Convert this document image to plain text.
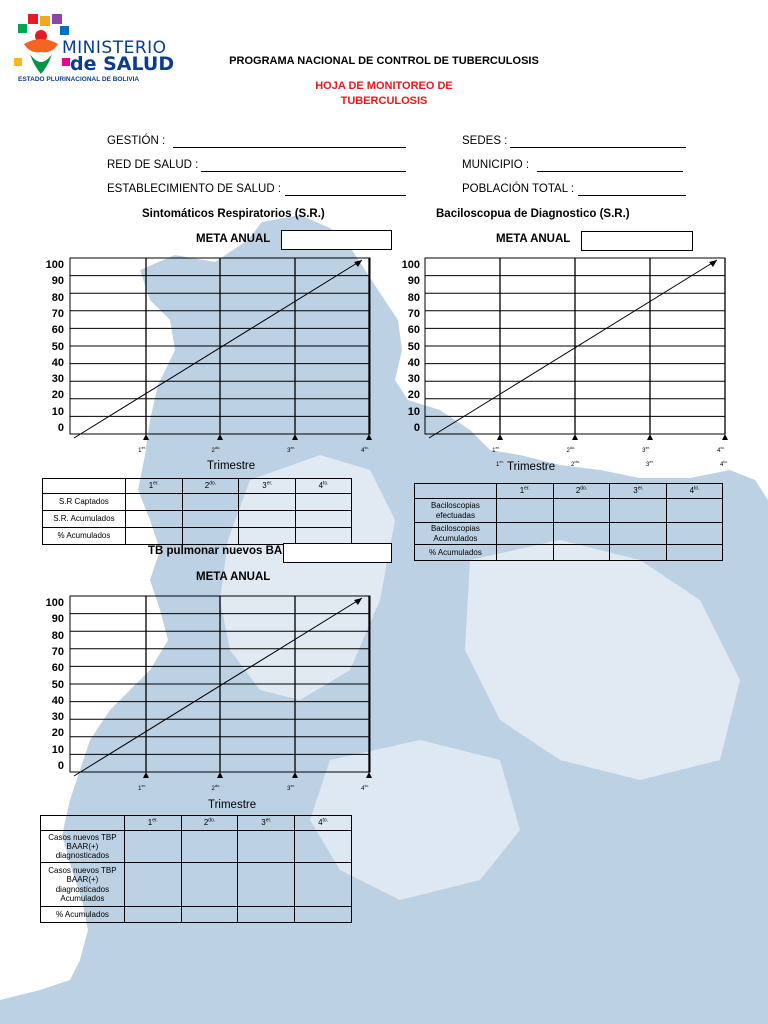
MINISTERIO
de SALUD
ESTADO PLURINACIONAL DE BOLIVIA
PROGRAMA NACIONAL DE CONTROL DE TUBERCULOSIS
HOJA DE MONITOREO DE
TUBERCULOSIS
GESTIÓN :
RED DE SALUD :
ESTABLECIMIENTO DE SALUD :
SEDES :
MUNICIPIO :
POBLACIÓN TOTAL :
Sintomáticos Respiratorios (S.R.)
META ANUAL
Baciloscopua de Diagnostico (S.R.)
META ANUAL
100
90
80
70
60
50
40
30
20
10
0
$1^{er.}$
$2^{do.}$
$3^{er.}$
$4^{to.}$
Trimestre
100
90
80
70
60
50
40
30
20
10
0
$1^{er.}$
$2^{do.}$
$3^{er.}$
$4^{to.}$
Trimestre
	$1^{er.}$	$2^{do.}$	$3^{er.}$	$4^{to.}$
S.R Captados				
S.R. Acumulados				
% Acumulados				
	$1^{er.}$	$2^{do.}$	$3^{er.}$	$4^{to.}$
Baciloscopias efectuadas				
Baciloscopias Acumulados				
% Acumulados				
TB pulmonar nuevos BA
META ANUAL
100
90
80
70
60
50
40
30
20
10
0
$1^{er.}$
$2^{do.}$
$3^{er.}$
$4^{to.}$
Trimestre
	$1^{er.}$	$2^{do.}$	$3^{er.}$	$4^{to.}$
Casos nuevos TBP BAAR(+) diagnosticados				
Casos nuevos TBP BAAR(+) diagnosticados Acumulados				
% Acumulados				
$1^{er.}$
$2^{do.}$
$3^{er.}$
$4^{to.}$
